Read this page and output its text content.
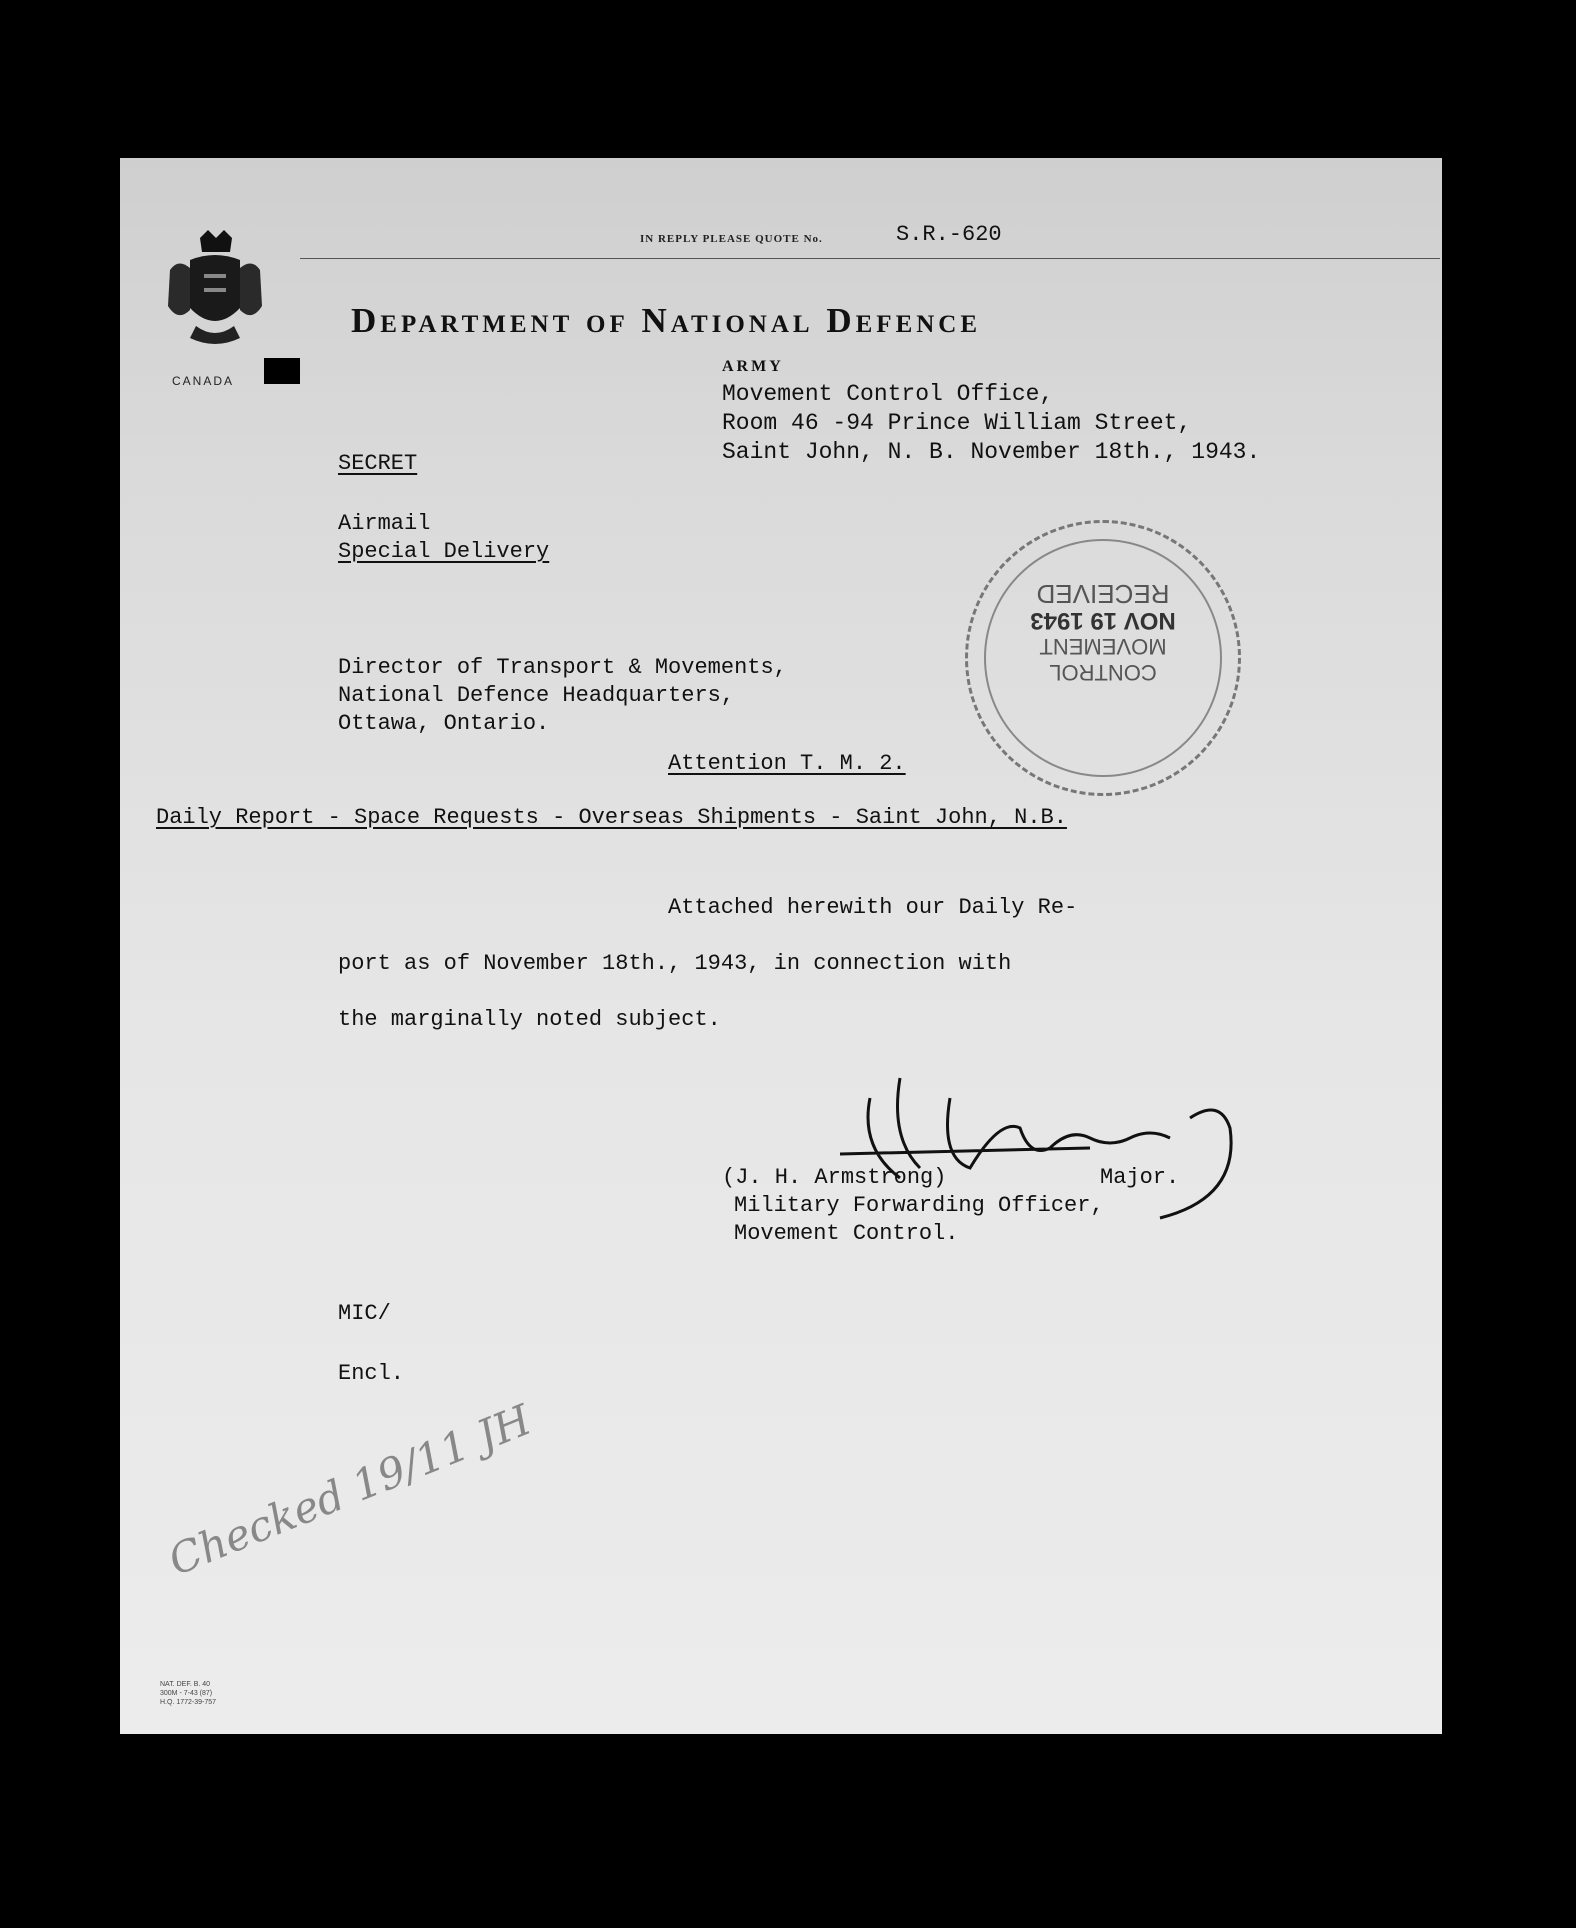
CANADA
IN REPLY PLEASE QUOTE No.	S.R.-620
Department of National Defence
ARMY
Movement Control Office,
Room 46 -94 Prince William Street,
Saint John, N. B. November 18th., 1943.
SECRET
Airmail
Special Delivery
CONTROL
MOVEMENT
NOV 19 1943
RECEIVED
Director of Transport & Movements,
National Defence Headquarters,
Ottawa, Ontario.
Attention T. M. 2.
Daily Report - Space Requests - Overseas Shipments - Saint John, N.B.
Attached herewith our Daily Re-
port as of November 18th., 1943, in connection with
the marginally noted subject.
(J. H. Armstrong)	Major.
Military Forwarding Officer,
Movement Control.
MIC/
Encl.
Checked 19/11 JH
NAT. DEF. B. 40
300M - 7-43 (87)
H.Q. 1772-39-757
